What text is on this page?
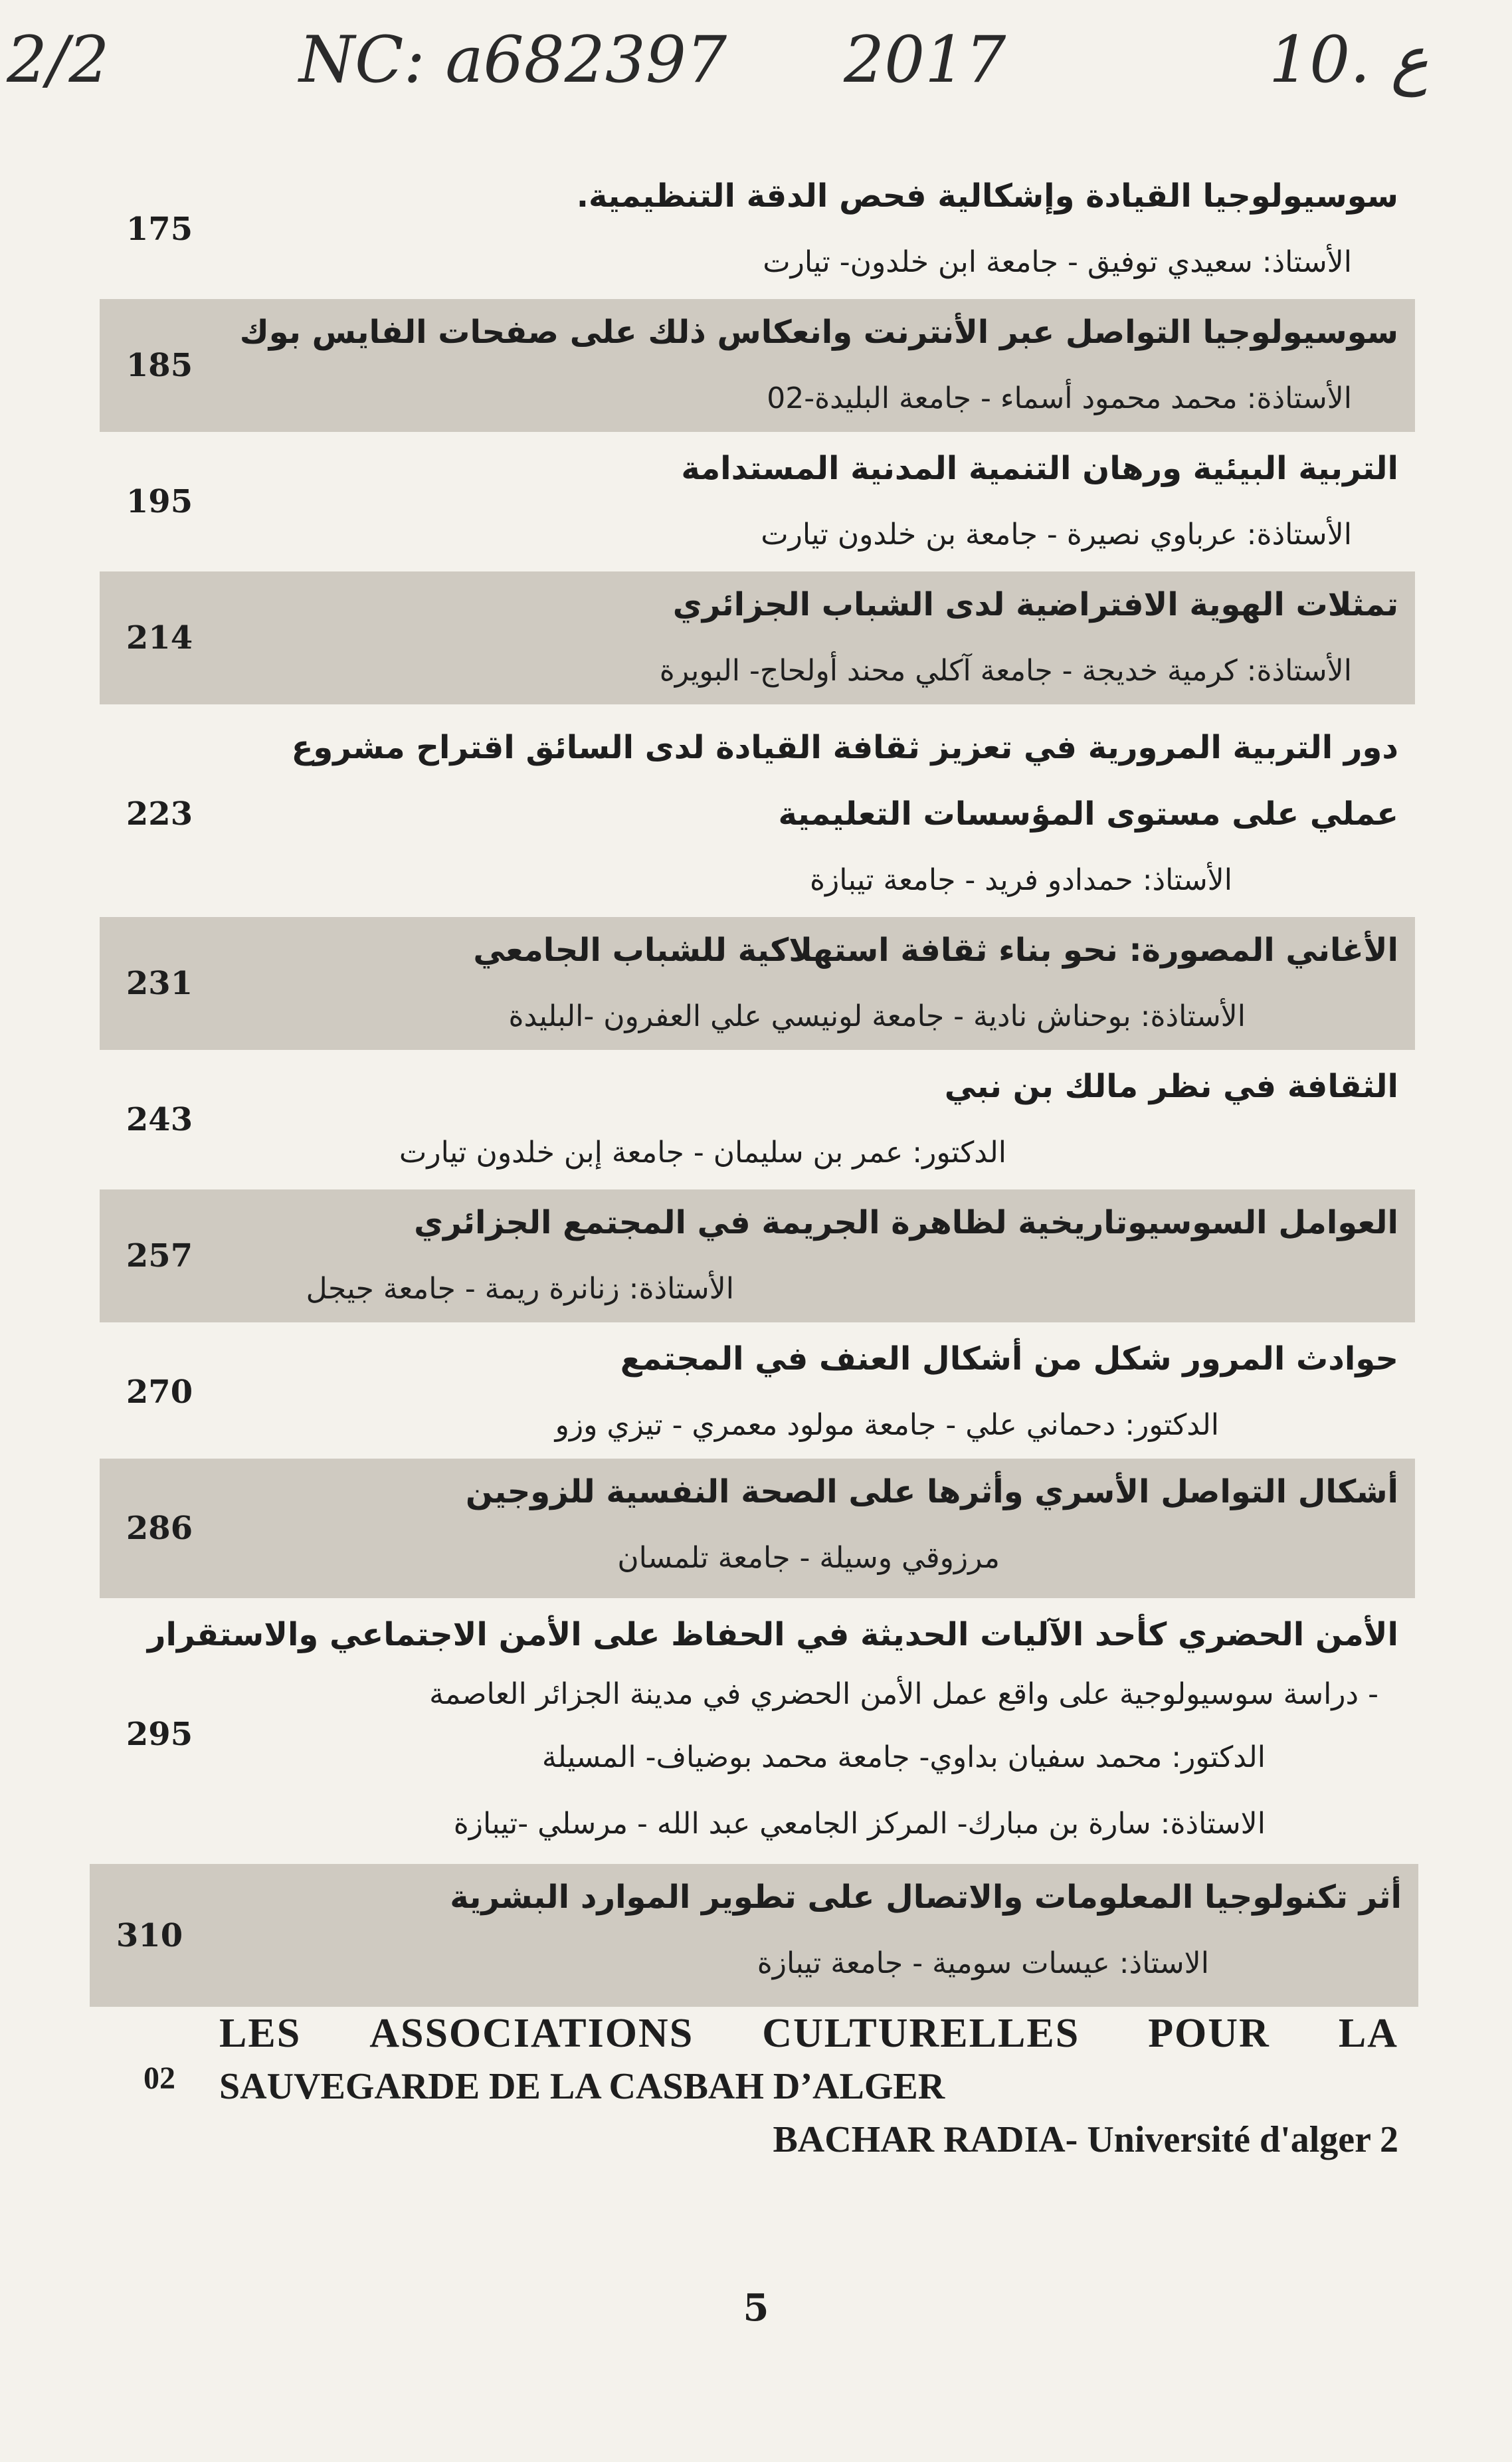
2/2	NC: a682397 2017	10. ع
175
سوسيولوجيا القيادة وإشكالية فحص الدقة التنظيمية.
الأستاذ: سعيدي توفيق - جامعة ابن خلدون- تيارت
185
سوسيولوجيا التواصل عبر الأنترنت وانعكاس ذلك على صفحات الفايس بوك
الأستاذة: محمد محمود أسماء - جامعة البليدة-02
195
التربية البيئية ورهان التنمية المدنية المستدامة
الأستاذة: عرباوي نصيرة - جامعة بن خلدون تيارت
214
تمثلات الهوية الافتراضية لدى الشباب الجزائري
الأستاذة: كرمية خديجة - جامعة آكلي محند أولحاج- البويرة
223
دور التربية المرورية في تعزيز ثقافة القيادة لدى السائق اقتراح مشروع عملي على مستوى المؤسسات التعليمية
الأستاذ: حمدادو فريد - جامعة تيبازة
231
الأغاني المصورة: نحو بناء ثقافة استهلاكية للشباب الجامعي
الأستاذة: بوحناش نادية - جامعة لونيسي علي العفرون -البليدة
243
الثقافة في نظر مالك بن نبي
الدكتور: عمر بن سليمان - جامعة إبن خلدون تيارت
257
العوامل السوسيوتاريخية لظاهرة الجريمة في المجتمع الجزائري
الأستاذة: زنانرة ريمة - جامعة جيجل
270
حوادث المرور شكل من أشكال العنف في المجتمع
الدكتور: دحماني علي - جامعة مولود معمري - تيزي وزو
286
أشكال التواصل الأسري وأثرها على الصحة النفسية للزوجين
مرزوقي وسيلة - جامعة تلمسان
295
الأمن الحضري كأحد الآليات الحديثة في الحفاظ على الأمن الاجتماعي والاستقرار
- دراسة سوسيولوجية على واقع عمل الأمن الحضري في مدينة الجزائر العاصمة
الدكتور: محمد سفيان بداوي- جامعة محمد بوضياف- المسيلة
الاستاذة: سارة بن مبارك- المركز الجامعي عبد الله - مرسلي -تيبازة
310
أثر تكنولوجيا المعلومات والاتصال على تطوير الموارد البشرية
الاستاذ: عيسات سومية - جامعة تيبازة
02
LES ASSOCIATIONS CULTURELLES POUR LA
SAUVEGARDE DE LA CASBAH D’ALGER
BACHAR RADIA- Université d'alger 2
5
